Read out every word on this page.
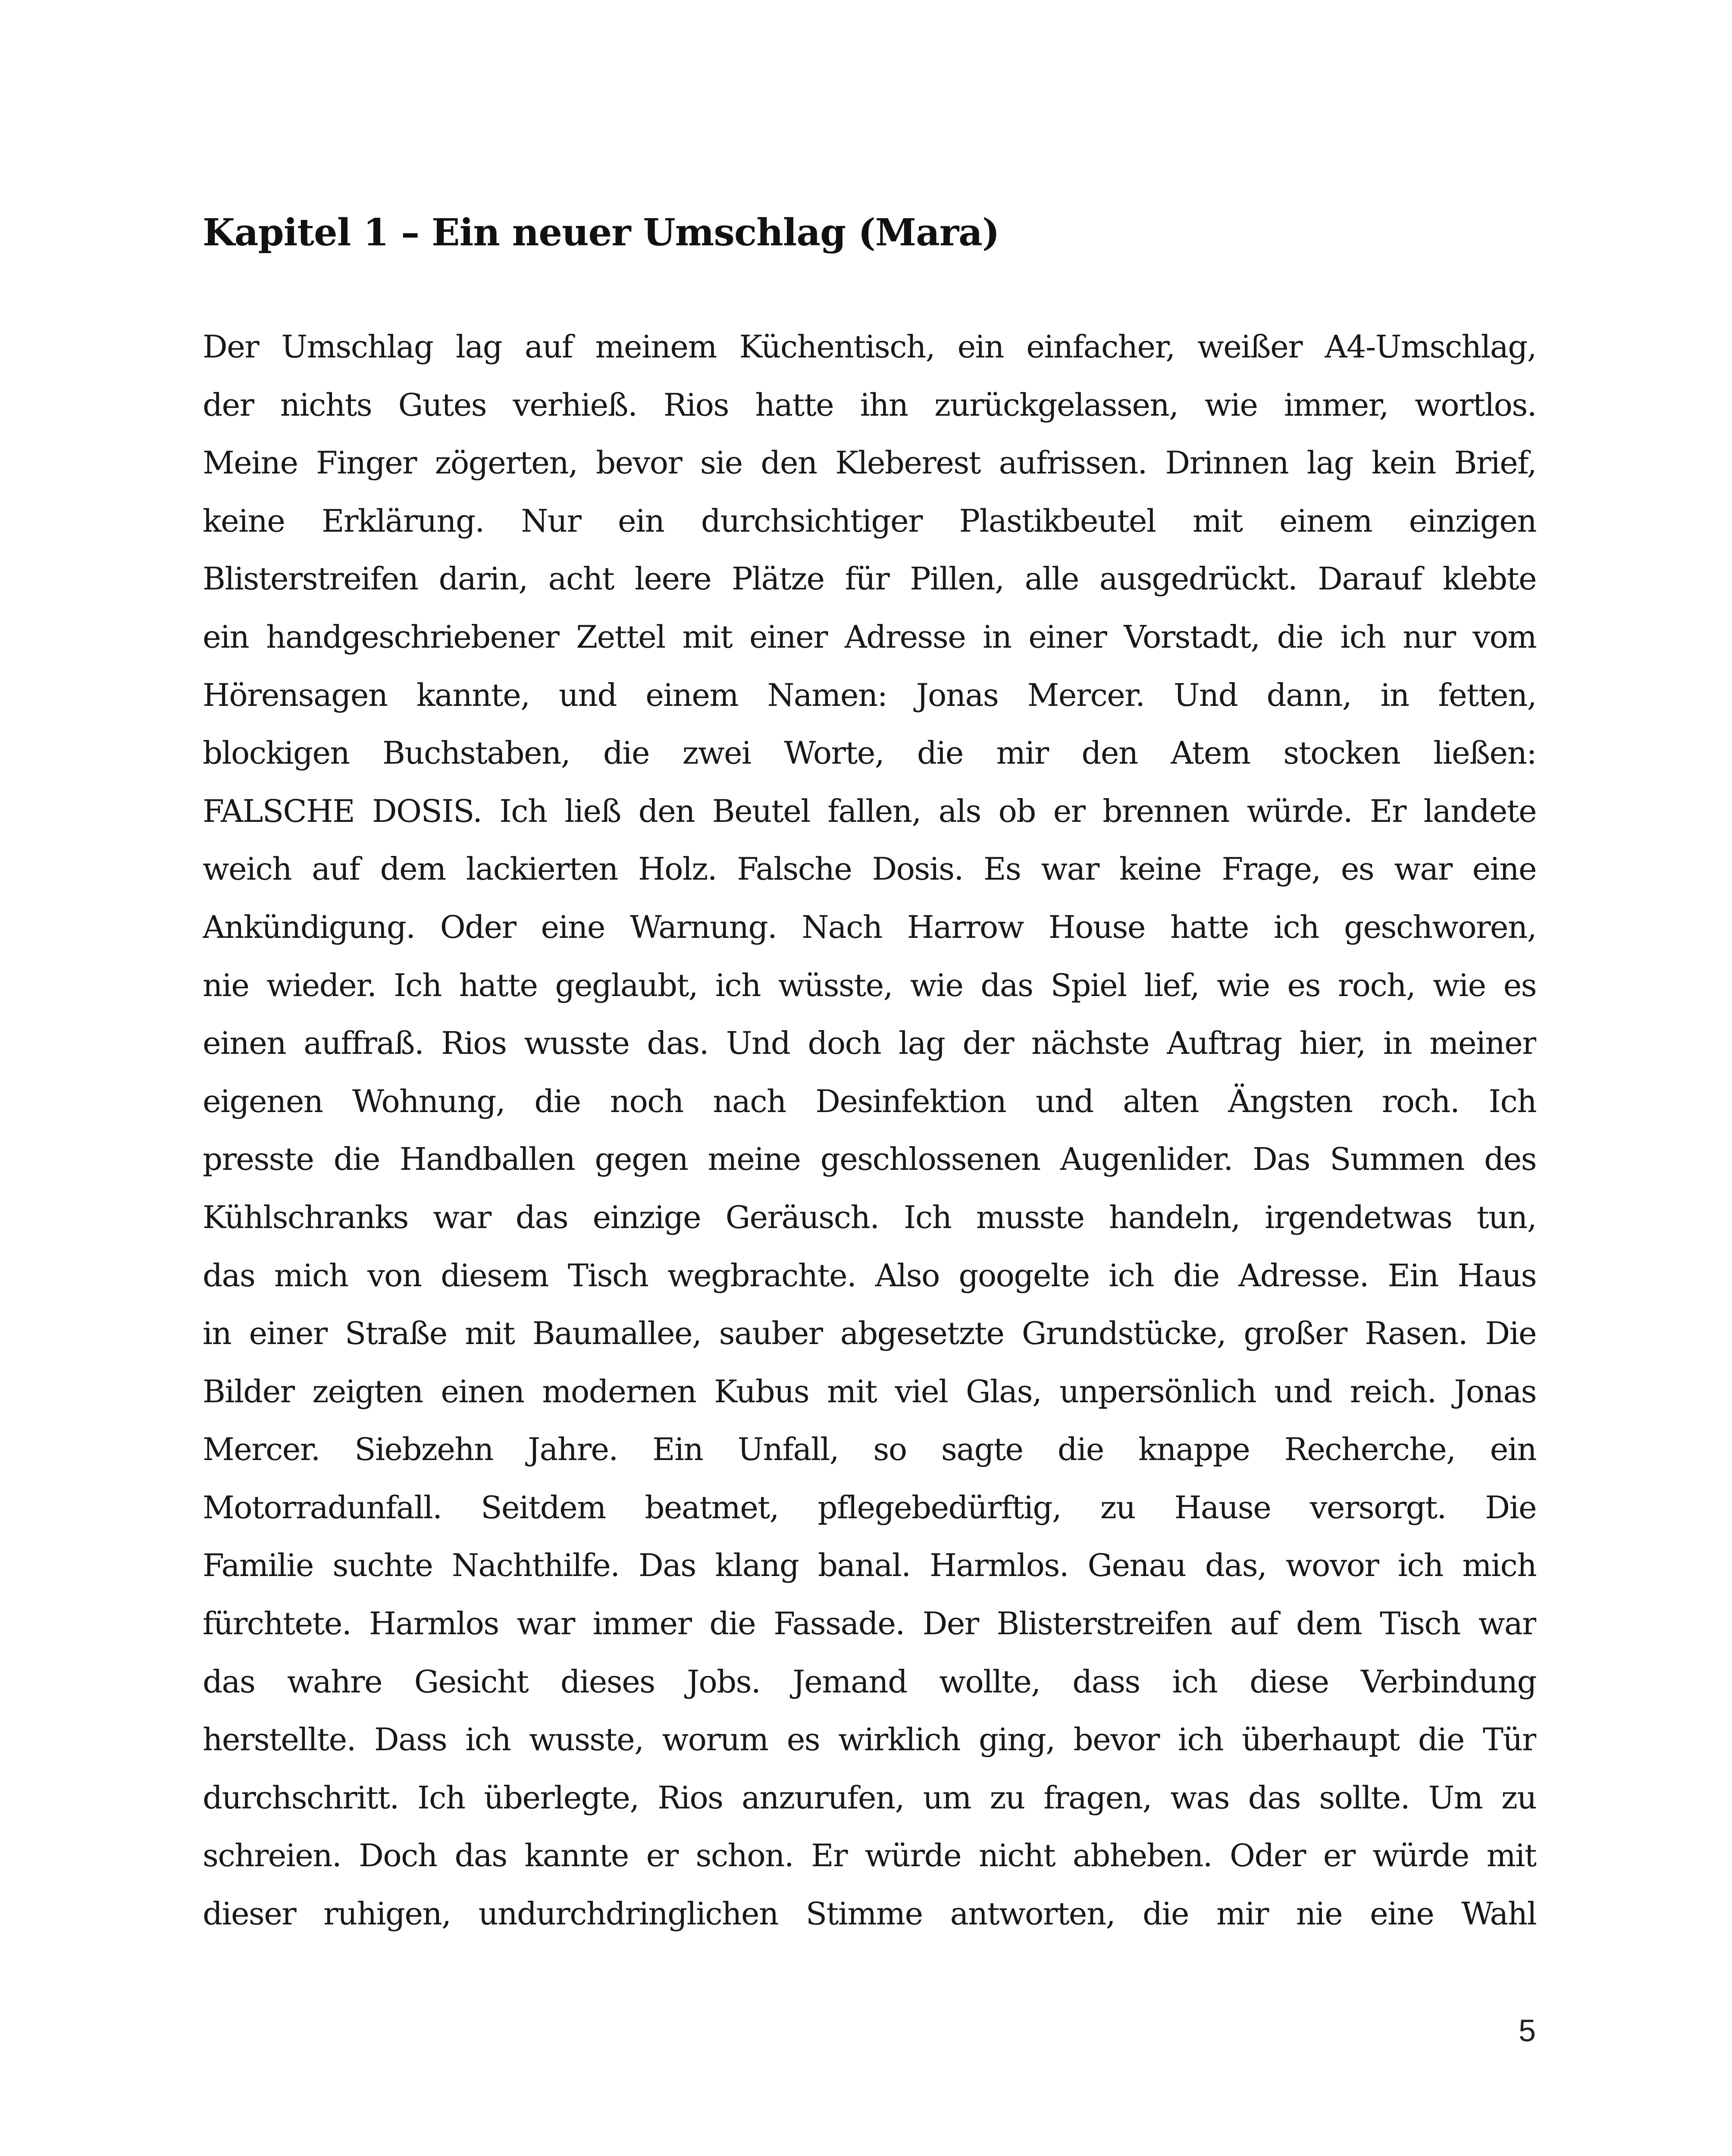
Kapitel 1 – Ein neuer Umschlag (Mara)
Der Umschlag lag auf meinem Küchentisch, ein einfacher, weißer A4-Umschlag,
der nichts Gutes verhieß. Rios hatte ihn zurückgelassen, wie immer, wortlos.
Meine Finger zögerten, bevor sie den Kleberest aufrissen. Drinnen lag kein Brief,
keine Erklärung. Nur ein durchsichtiger Plastikbeutel mit einem einzigen
Blisterstreifen darin, acht leere Plätze für Pillen, alle ausgedrückt. Darauf klebte
ein handgeschriebener Zettel mit einer Adresse in einer Vorstadt, die ich nur vom
Hörensagen kannte, und einem Namen: Jonas Mercer. Und dann, in fetten,
blockigen Buchstaben, die zwei Worte, die mir den Atem stocken ließen:
FALSCHE DOSIS. Ich ließ den Beutel fallen, als ob er brennen würde. Er landete
weich auf dem lackierten Holz. Falsche Dosis. Es war keine Frage, es war eine
Ankündigung. Oder eine Warnung. Nach Harrow House hatte ich geschworen,
nie wieder. Ich hatte geglaubt, ich wüsste, wie das Spiel lief, wie es roch, wie es
einen auffraß. Rios wusste das. Und doch lag der nächste Auftrag hier, in meiner
eigenen Wohnung, die noch nach Desinfektion und alten Ängsten roch. Ich
presste die Handballen gegen meine geschlossenen Augenlider. Das Summen des
Kühlschranks war das einzige Geräusch. Ich musste handeln, irgendetwas tun,
das mich von diesem Tisch wegbrachte. Also googelte ich die Adresse. Ein Haus
in einer Straße mit Baumallee, sauber abgesetzte Grundstücke, großer Rasen. Die
Bilder zeigten einen modernen Kubus mit viel Glas, unpersönlich und reich. Jonas
Mercer. Siebzehn Jahre. Ein Unfall, so sagte die knappe Recherche, ein
Motorradunfall. Seitdem beatmet, pflegebedürftig, zu Hause versorgt. Die
Familie suchte Nachthilfe. Das klang banal. Harmlos. Genau das, wovor ich mich
fürchtete. Harmlos war immer die Fassade. Der Blisterstreifen auf dem Tisch war
das wahre Gesicht dieses Jobs. Jemand wollte, dass ich diese Verbindung
herstellte. Dass ich wusste, worum es wirklich ging, bevor ich überhaupt die Tür
durchschritt. Ich überlegte, Rios anzurufen, um zu fragen, was das sollte. Um zu
schreien. Doch das kannte er schon. Er würde nicht abheben. Oder er würde mit
dieser ruhigen, undurchdringlichen Stimme antworten, die mir nie eine Wahl
5
